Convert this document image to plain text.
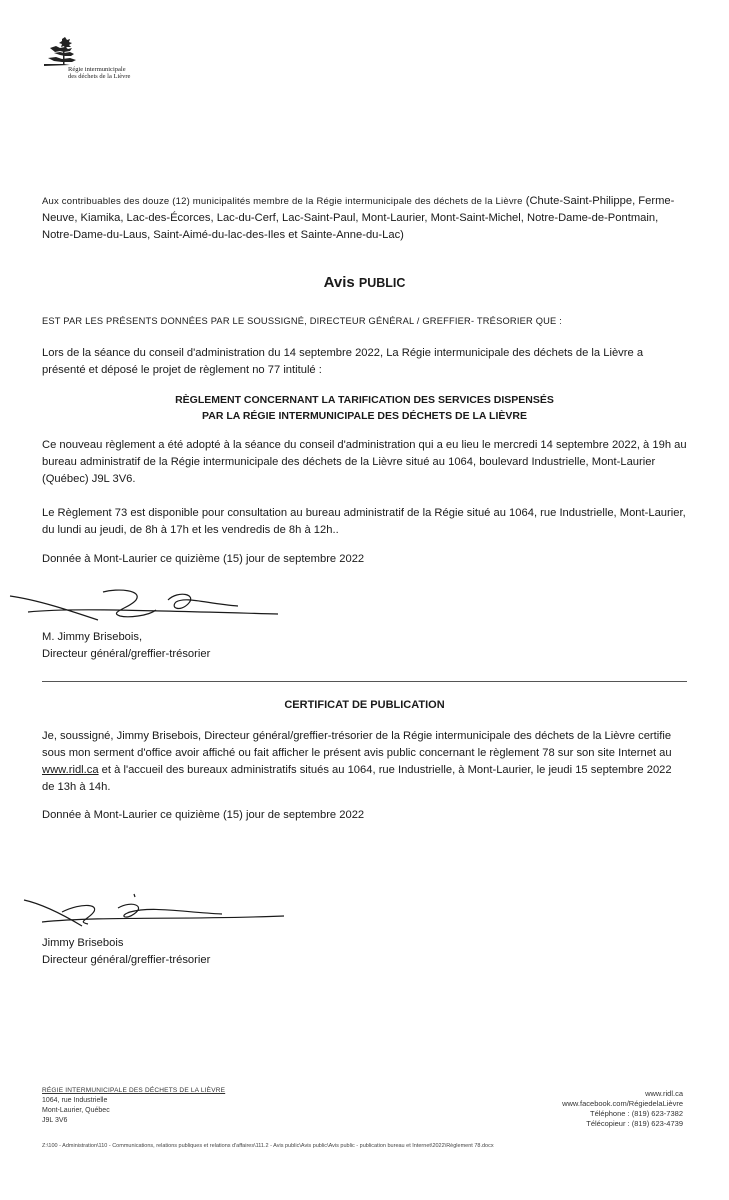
Régie intermunicipale
des déchets de la Lièvre
Aux contribuables des douze (12) municipalités membre de la Régie intermunicipale des déchets de la Lièvre (Chute-Saint-Philippe, Ferme-Neuve, Kiamika, Lac-des-Écorces, Lac-du-Cerf, Lac-Saint-Paul, Mont-Laurier, Mont-Saint-Michel, Notre-Dame-de-Pontmain, Notre-Dame-du-Laus, Saint-Aimé-du-lac-des-Iles et Sainte-Anne-du-Lac)
Avis PUBLIC
EST PAR LES PRÉSENTS DONNÉES PAR LE SOUSSIGNÉ, DIRECTEUR GÉNÉRAL / GREFFIER- TRÉSORIER QUE :
Lors de la séance du conseil d'administration du 14 septembre 2022, La Régie intermunicipale des déchets de la Lièvre a présenté et déposé le projet de règlement no 77 intitulé :
RÈGLEMENT CONCERNANT LA TARIFICATION DES SERVICES DISPENSÉS
PAR LA RÉGIE INTERMUNICIPALE DES DÉCHETS DE LA LIÈVRE
Ce nouveau règlement a été adopté à la séance du conseil d'administration qui a eu lieu le mercredi 14 septembre 2022, à 19h au bureau administratif de la Régie intermunicipale des déchets de la Lièvre situé au 1064, boulevard Industrielle, Mont-Laurier (Québec) J9L 3V6.
Le Règlement 73 est disponible pour consultation au bureau administratif de la Régie situé au 1064, rue Industrielle, Mont-Laurier, du lundi au jeudi, de 8h à 17h et les vendredis de 8h à 12h..
Donnée à Mont-Laurier ce quizième (15) jour de septembre 2022
M. Jimmy Brisebois,
Directeur général/greffier-trésorier
CERTIFICAT DE PUBLICATION
Je, soussigné, Jimmy Brisebois, Directeur général/greffier-trésorier de la Régie intermunicipale des déchets de la Lièvre certifie sous mon serment d'office avoir affiché ou fait afficher le présent avis public concernant le règlement 78 sur son site Internet au www.ridl.ca et à l'accueil des bureaux administratifs situés au 1064, rue Industrielle, à Mont-Laurier, le jeudi 15 septembre 2022 de 13h à 14h.
Donnée à Mont-Laurier ce quizième (15) jour de septembre 2022
Jimmy Brisebois
Directeur général/greffier-trésorier
RÉGIE INTERMUNICIPALE DES DÉCHETS DE LA LIÈVRE
1064, rue Industrielle
Mont-Laurier, Québec
J9L 3V6
www.ridl.ca
www.facebook.com/RégiedelaLièvre
Téléphone : (819) 623-7382
Télécopieur : (819) 623-4739
Z:\100 - Administration\110 - Communications, relations publiques et relations d'affaires\111.2 - Avis public\Avis public\Avis public - publication bureau et Internet\2022\Règlement 78.docx
